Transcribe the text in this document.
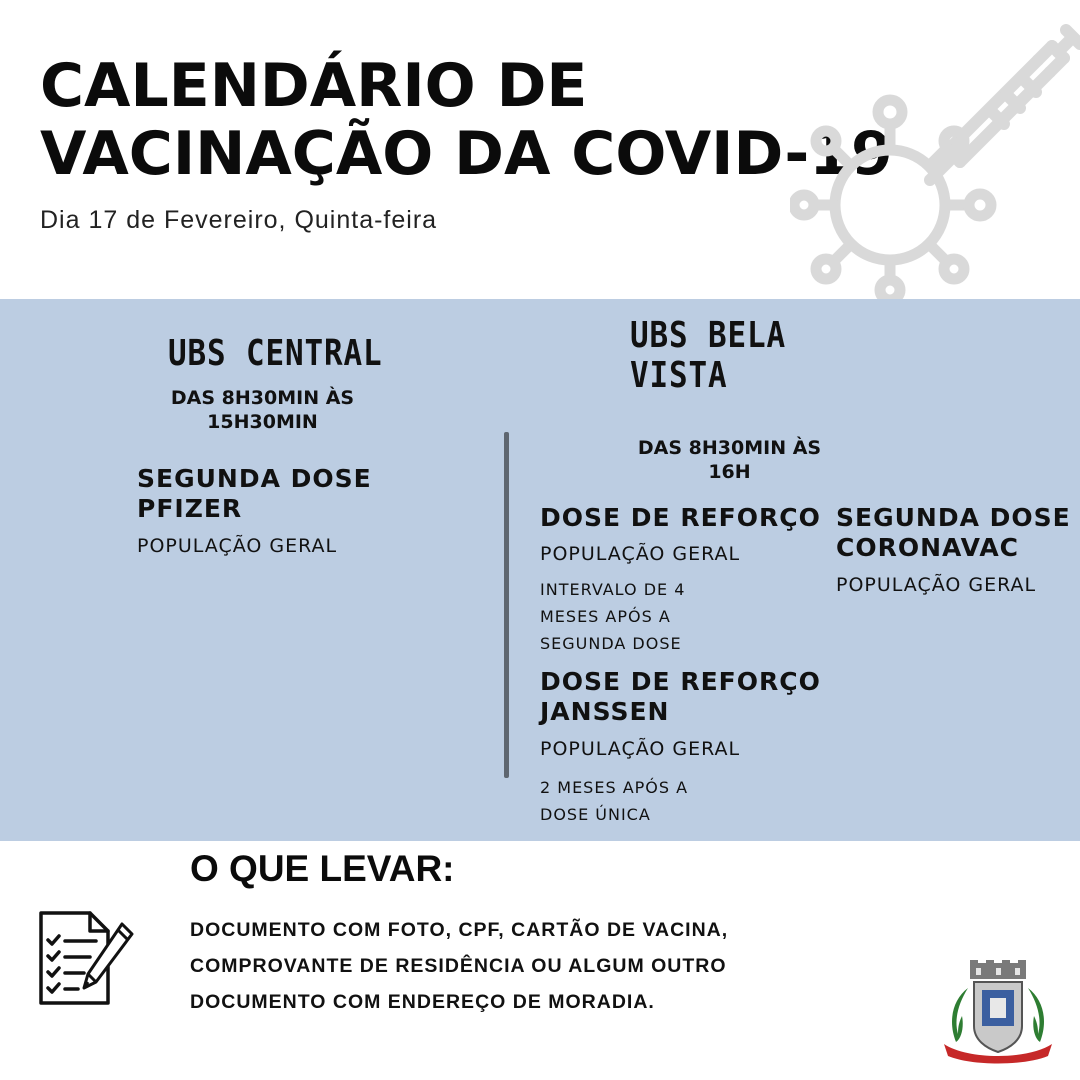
CALENDÁRIO DE
VACINAÇÃO DA COVID-19
Dia 17 de Fevereiro, Quinta-feira
UBS CENTRAL
DAS 8H30MIN ÀS
15H30MIN
SEGUNDA DOSE
PFIZER
POPULAÇÃO GERAL
UBS BELA
VISTA
DAS 8H30MIN ÀS
16H
DOSE DE REFORÇO
POPULAÇÃO GERAL
INTERVALO DE 4
MESES APÓS A
SEGUNDA DOSE
DOSE DE REFORÇO
JANSSEN
POPULAÇÃO GERAL
2 MESES APÓS A
DOSE ÚNICA
SEGUNDA DOSE
CORONAVAC
POPULAÇÃO GERAL
O QUE LEVAR:
DOCUMENTO COM FOTO, CPF, CARTÃO DE VACINA,
COMPROVANTE DE RESIDÊNCIA OU ALGUM OUTRO
DOCUMENTO COM ENDEREÇO DE MORADIA.
